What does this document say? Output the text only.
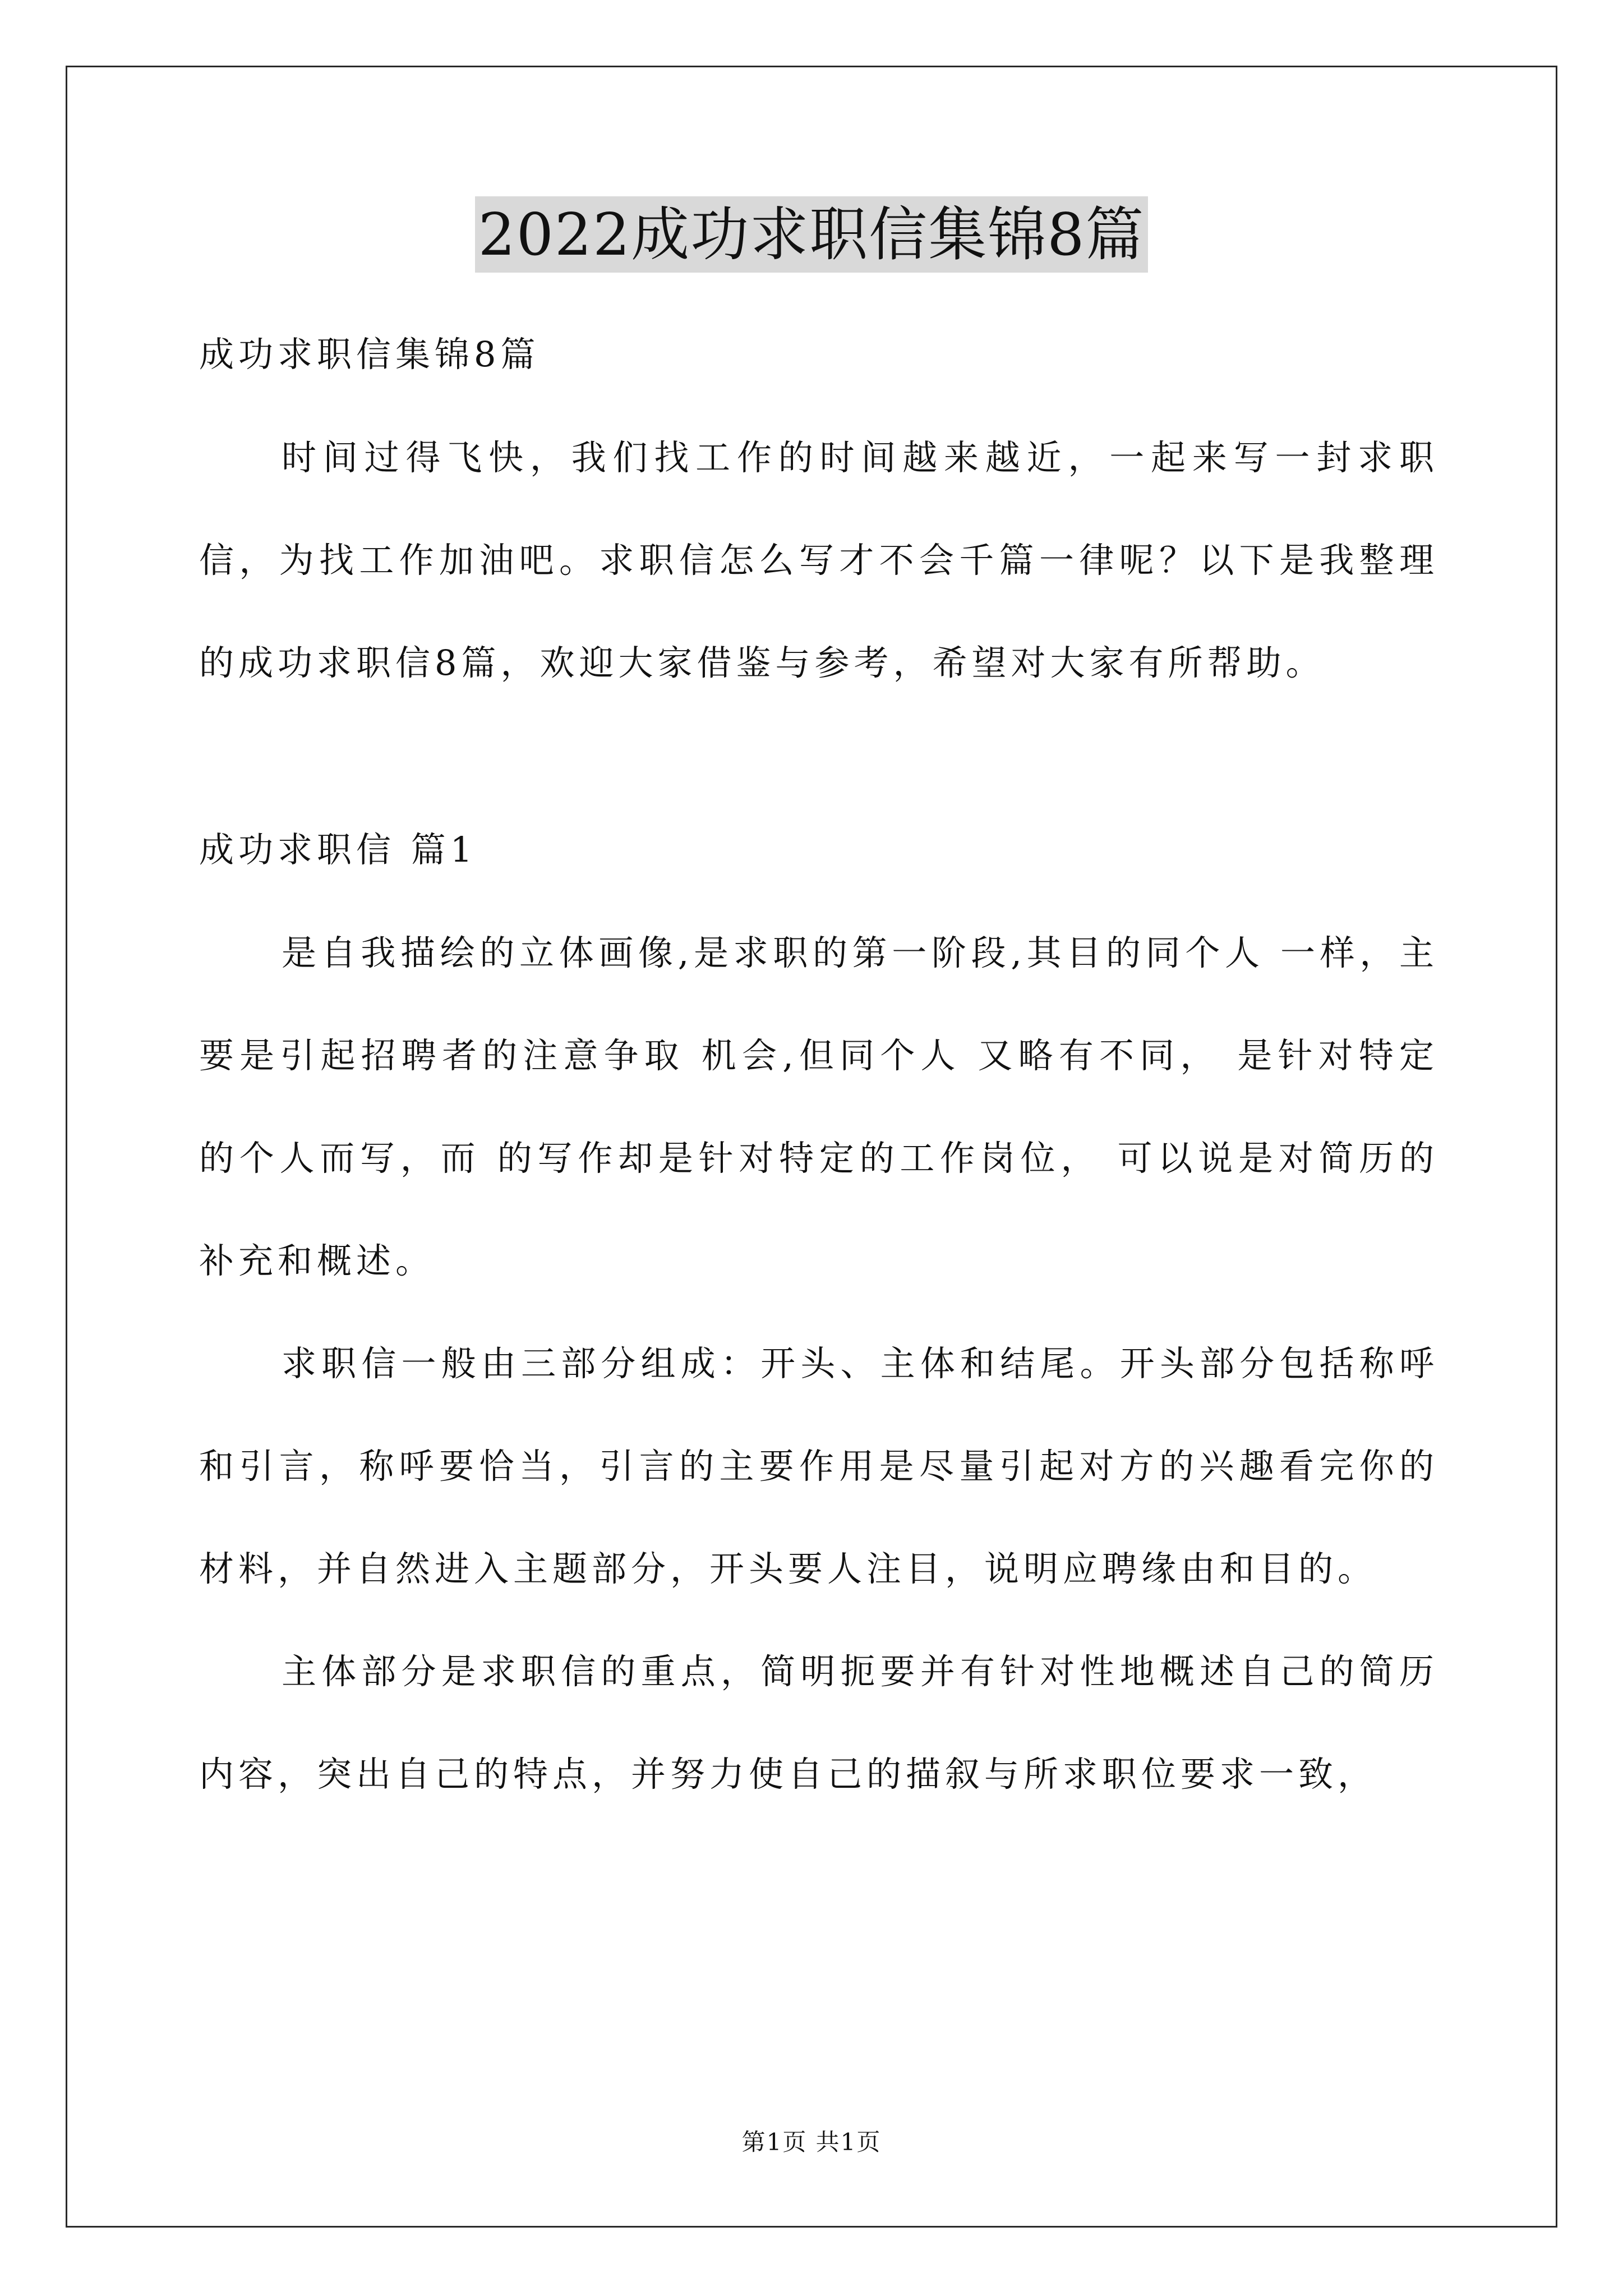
2022成功求职信集锦8篇

成功求职信集锦8篇

时间过得飞快，我们找工作的时间越来越近，一起来写一封求职信，为找工作加油吧。求职信怎么写才不会千篇一律呢？以下是我整理的成功求职信8篇，欢迎大家借鉴与参考，希望对大家有所帮助。

成功求职信 篇1

是自我描绘的立体画像,是求职的第一阶段,其目的同个人 一样，主要是引起招聘者的注意争取 机会,但同个人 又略有不同， 是针对特定的个人而写，而 的写作却是针对特定的工作岗位， 可以说是对简历的补充和概述。

求职信一般由三部分组成：开头、主体和结尾。开头部分包括称呼和引言，称呼要恰当，引言的主要作用是尽量引起对方的兴趣看完你的材料，并自然进入主题部分，开头要人注目，说明应聘缘由和目的。

主体部分是求职信的重点，简明扼要并有针对性地概述自己的简历内容，突出自己的特点，并努力使自己的描叙与所求职位要求一致，

第1页 共1页
